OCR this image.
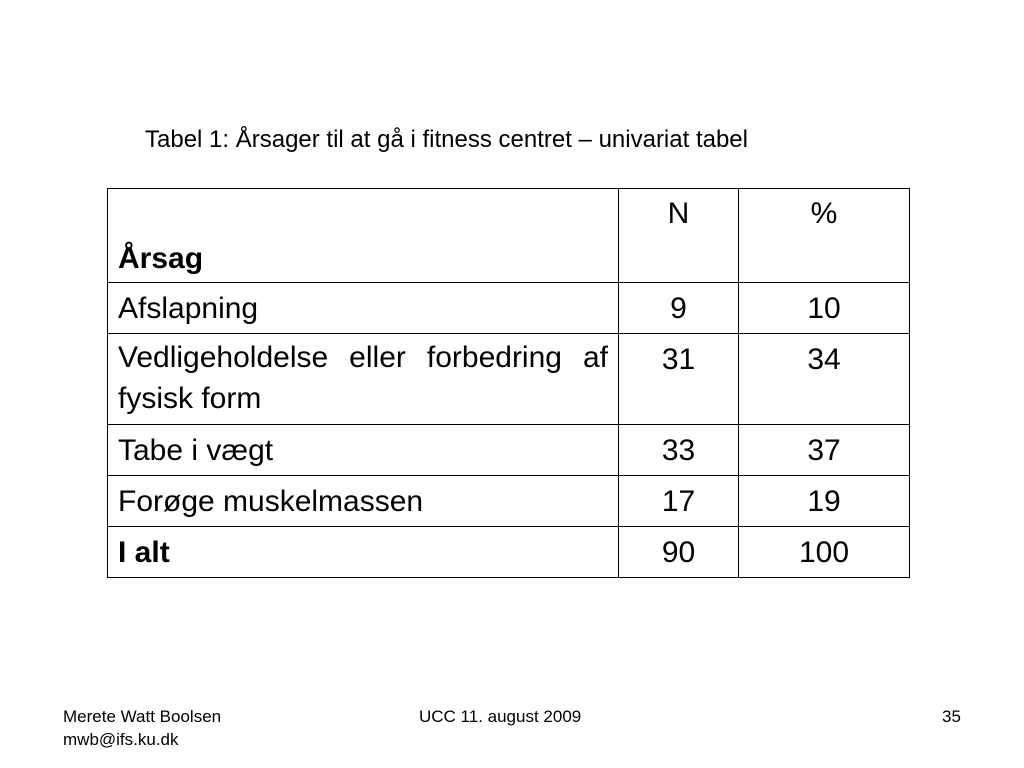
Tabel 1: Årsager til at gå i fitness centret – univariat tabel
Årsag	N	%
Afslapning	9	10
Vedligeholdelse eller forbedring af fysisk form	31	34
Tabe i vægt	33	37
Forøge muskelmassen	17	19
I alt	90	100
Merete Watt Boolsen
mwb@ifs.ku.dk
UCC 11. august 2009	35
